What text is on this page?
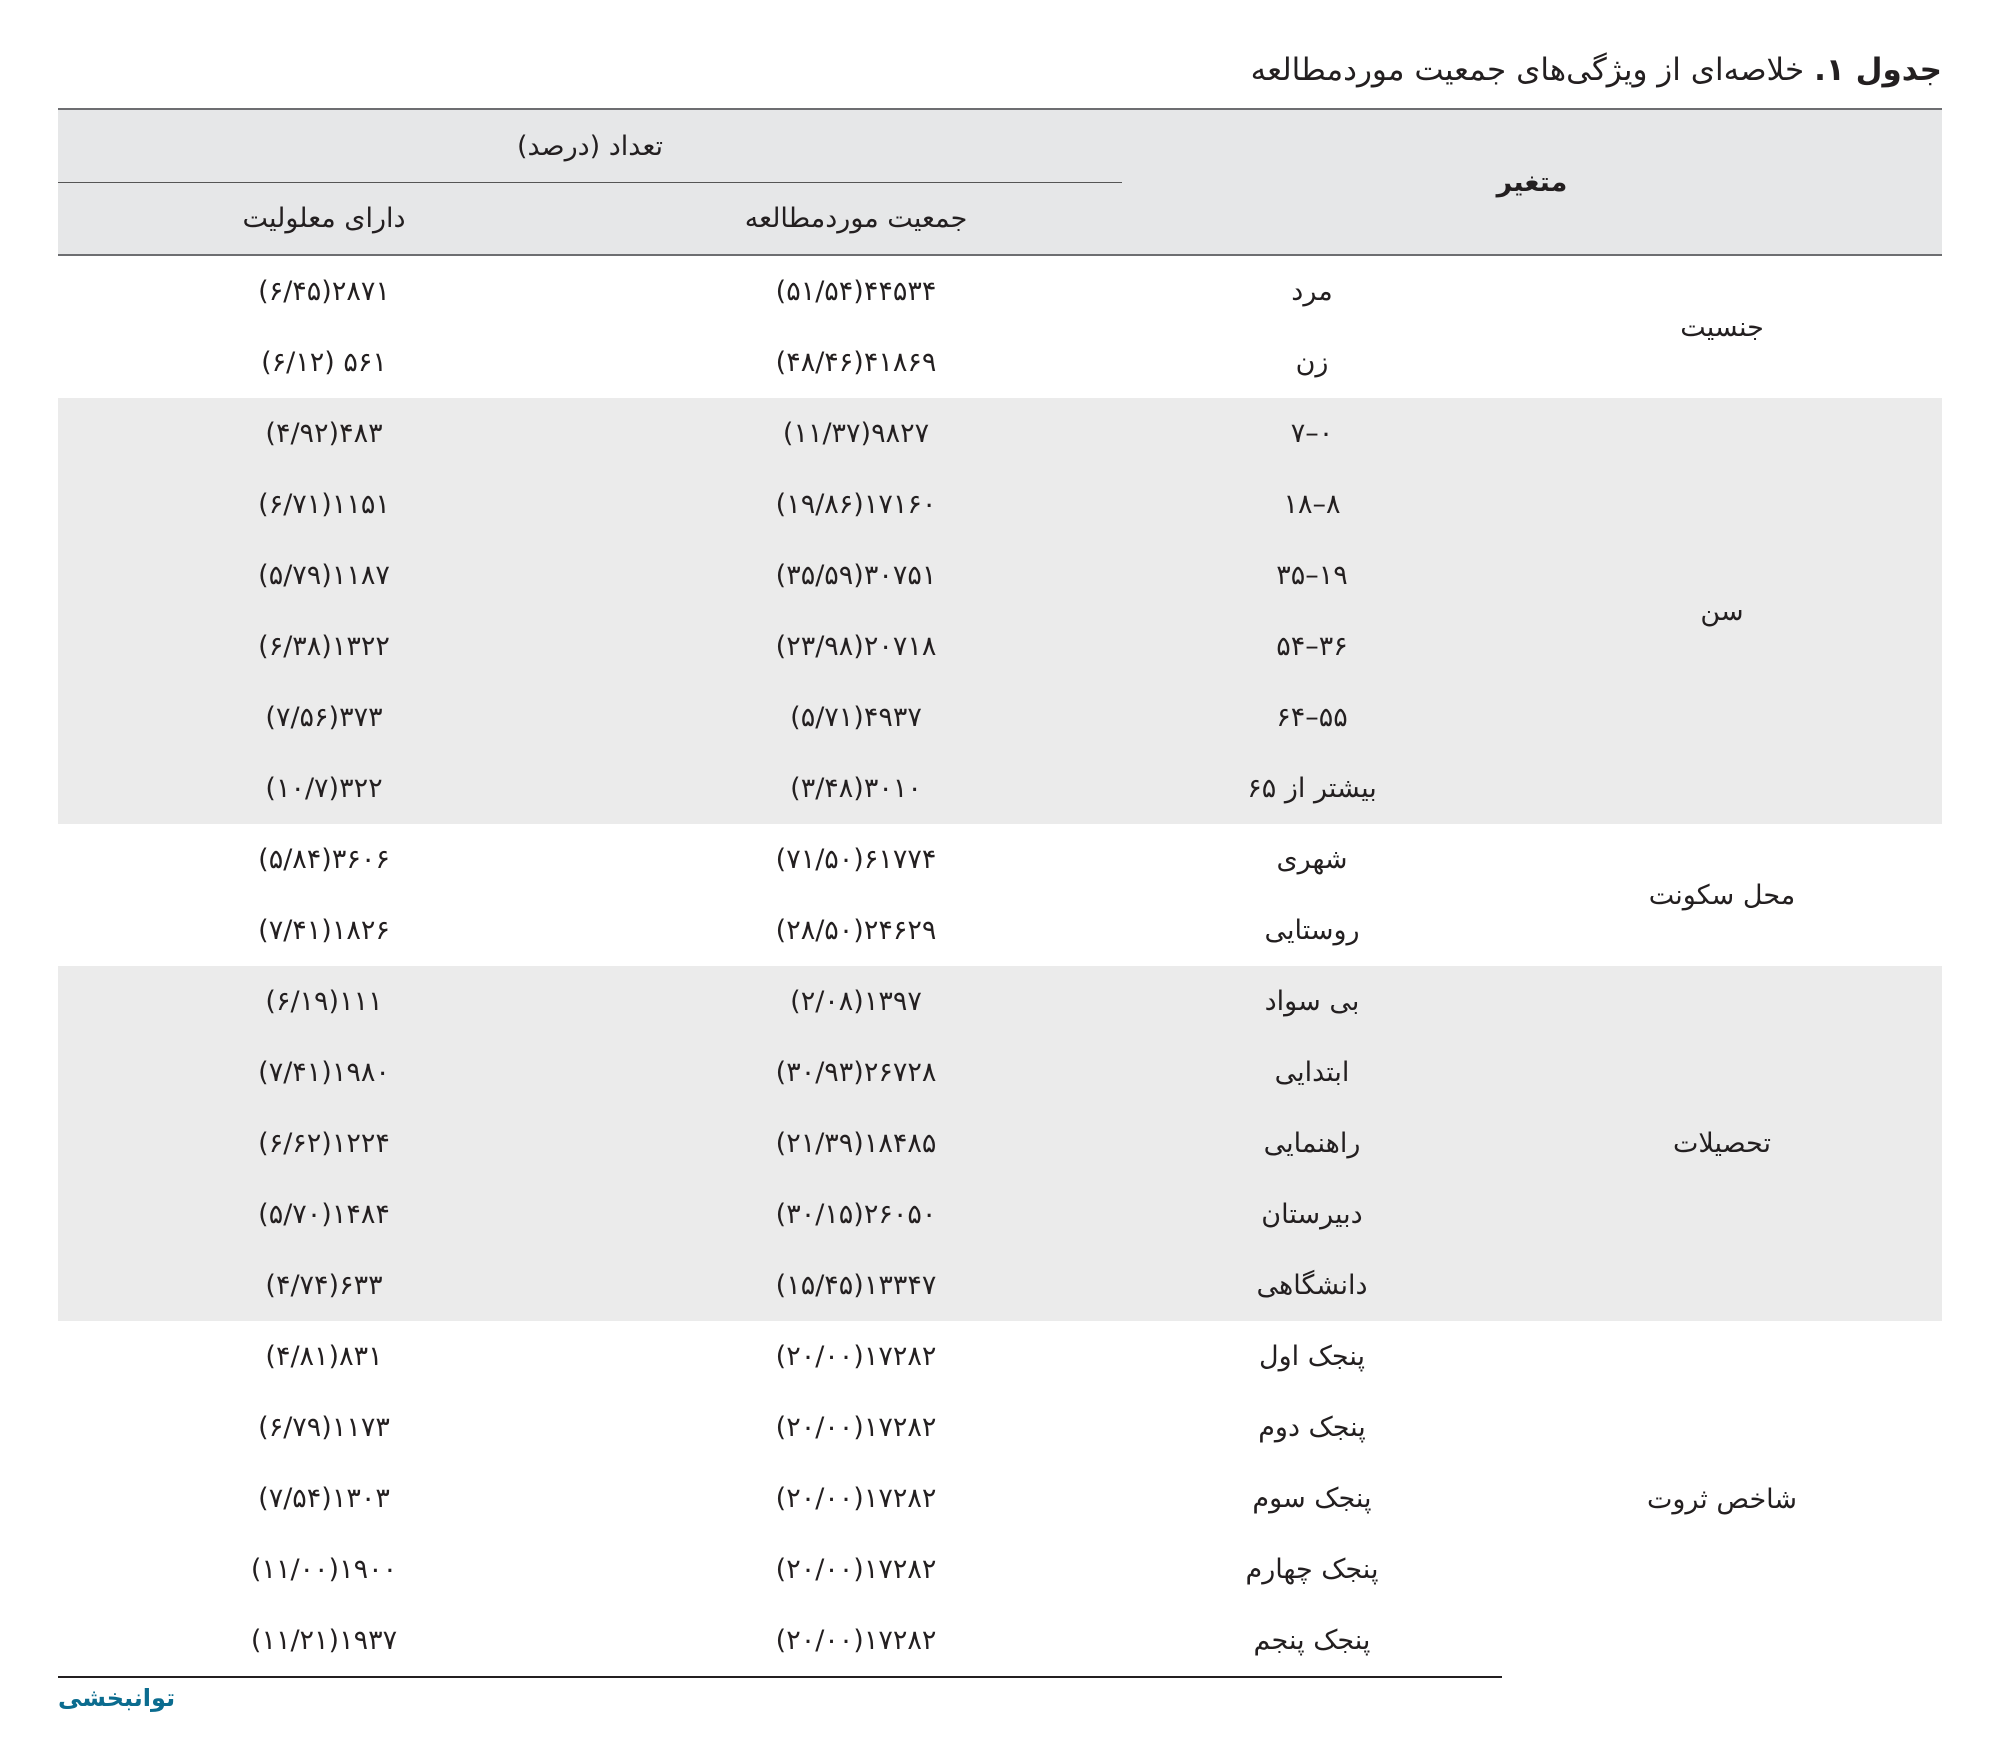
جدول ۱. خلاصه‌ای از ویژگی‌های جمعیت موردمطالعه
متغیر		تعداد (درصد)	
		جمعیت موردمطالعه	دارای معلولیت
جنسیت	مرد	۴۴۵۳۴(۵۱/۵۴)	۲۸۷۱(۶/۴۵)
	زن	۴۱۸۶۹(۴۸/۴۶)	۵۶۱ (۶/۱۲)
سن	۰–۷	۹۸۲۷(۱۱/۳۷)	۴۸۳(۴/۹۲)
	۸–۱۸	۱۷۱۶۰(۱۹/۸۶)	۱۱۵۱(۶/۷۱)
	۱۹–۳۵	۳۰۷۵۱(۳۵/۵۹)	۱۱۸۷(۵/۷۹)
	۳۶–۵۴	۲۰۷۱۸(۲۳/۹۸)	۱۳۲۲(۶/۳۸)
	۵۵–۶۴	۴۹۳۷(۵/۷۱)	۳۷۳(۷/۵۶)
	بیشتر از ۶۵	۳۰۱۰(۳/۴۸)	۳۲۲(۱۰/۷)
محل سکونت	شهری	۶۱۷۷۴(۷۱/۵۰)	۳۶۰۶(۵/۸۴)
	روستایی	۲۴۶۲۹(۲۸/۵۰)	۱۸۲۶(۷/۴۱)
تحصیلات	بی سواد	۱۳۹۷(۲/۰۸)	۱۱۱(۶/۱۹)
	ابتدایی	۲۶۷۲۸(۳۰/۹۳)	۱۹۸۰(۷/۴۱)
	راهنمایی	۱۸۴۸۵(۲۱/۳۹)	۱۲۲۴(۶/۶۲)
	دبیرستان	۲۶۰۵۰(۳۰/۱۵)	۱۴۸۴(۵/۷۰)
	دانشگاهی	۱۳۳۴۷(۱۵/۴۵)	۶۳۳(۴/۷۴)
شاخص ثروت	پنجک اول	۱۷۲۸۲(۲۰/۰۰)	۸۳۱(۴/۸۱)
	پنجک دوم	۱۷۲۸۲(۲۰/۰۰)	۱۱۷۳(۶/۷۹)
	پنجک سوم	۱۷۲۸۲(۲۰/۰۰)	۱۳۰۳(۷/۵۴)
	پنجک چهارم	۱۷۲۸۲(۲۰/۰۰)	۱۹۰۰(۱۱/۰۰)
	پنجک پنجم	۱۷۲۸۲(۲۰/۰۰)	۱۹۳۷(۱۱/۲۱)
توانبخشی
